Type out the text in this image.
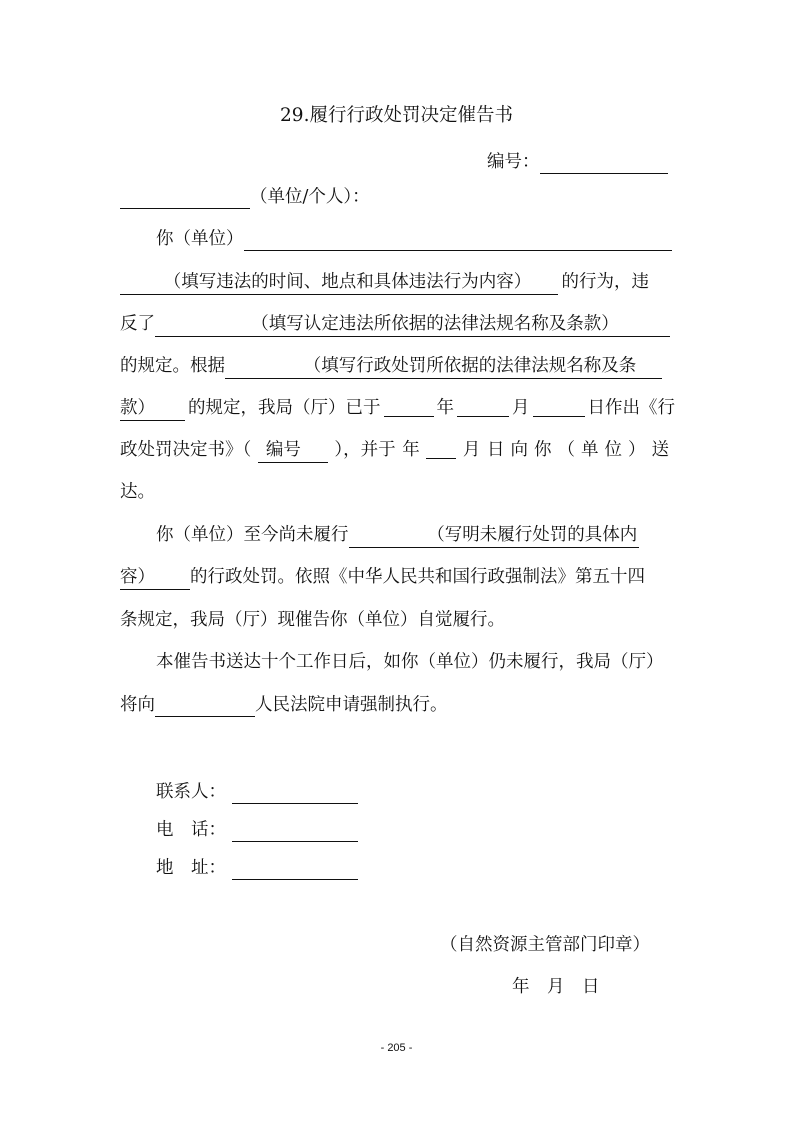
29.履行行政处罚决定催告书
编号：
（单位/个人）：
你（单位）
　　　（填写违法的时间、地点和具体违法行为内容）　　 的行为，违
反了　　　　　　	（填写认定违法所依据的法律法规名称及条款）
的规定。根据　　　　　	（填写行政处罚所依据的法律法规名称及条
款）	的规定，我局（厅）已于	年	月	日作出《行
政处罚决定书》（ 编号	），并于 年 月 日向你（单位）送
达。
你（单位）至今尚未履行　　　　　	（写明未履行处罚的具体内
容） 的行政处罚。依照《中华人民共和国行政强制法》第五十四
条规定，我局（厅）现催告你（单位）自觉履行。
本催告书送达十个工作日后，如你（单位）仍未履行，我局（厅）
将向	人民法院申请强制执行。
联系人：
电　话：
地　址：
（自然资源主管部门印章）
年　月　日
- 205 -
